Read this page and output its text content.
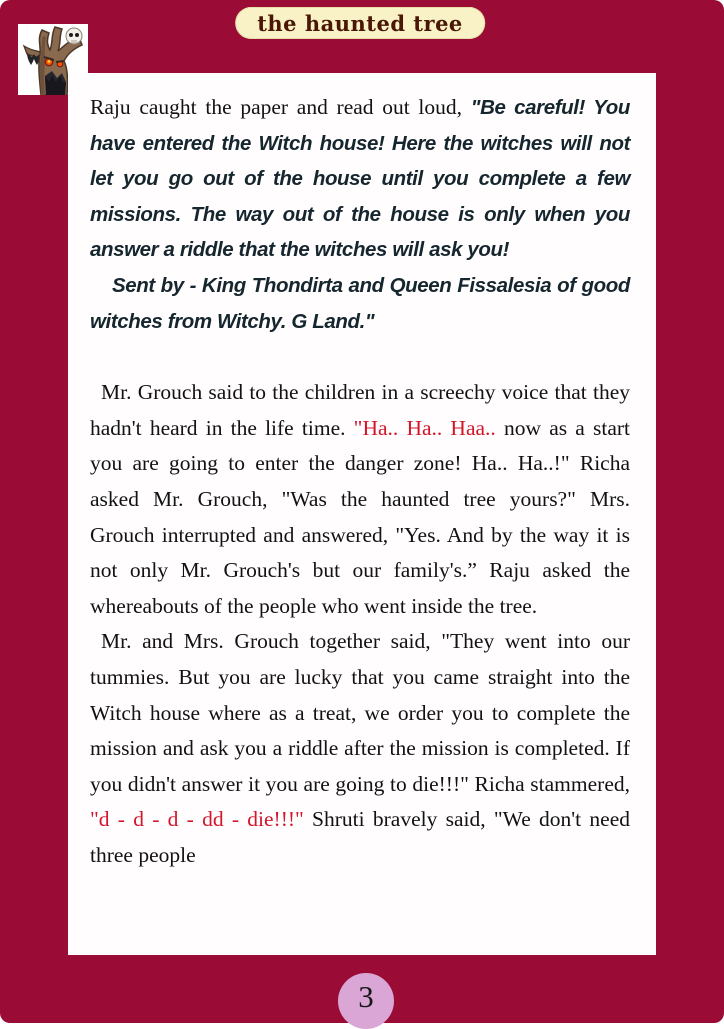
the haunted tree

Raju caught the paper and read out loud, "Be careful! You have entered the Witch house! Here the witches will not let you go out of the house until you complete a few missions. The way out of the house is only when you answer a riddle that the witches will ask you!

Sent by - King Thondirta and Queen Fissalesia of good witches from Witchy. G Land."

Mr. Grouch said to the children in a screechy voice that they hadn't heard in the life time. "Ha.. Ha.. Haa.. now as a start you are going to enter the danger zone! Ha.. Ha..!" Richa asked Mr. Grouch, "Was the haunted tree yours?" Mrs. Grouch interrupted and answered, "Yes. And by the way it is not only Mr. Grouch's but our family's.” Raju asked the whereabouts of the people who went inside the tree.

Mr. and Mrs. Grouch together said, "They went into our tummies. But you are lucky that you came straight into the Witch house where as a treat, we order you to complete the mission and ask you a riddle after the mission is completed. If you didn't answer it you are going to die!!!" Richa stammered, "d - d - d - dd - die!!!" Shruti bravely said, "We don't need three people

3
